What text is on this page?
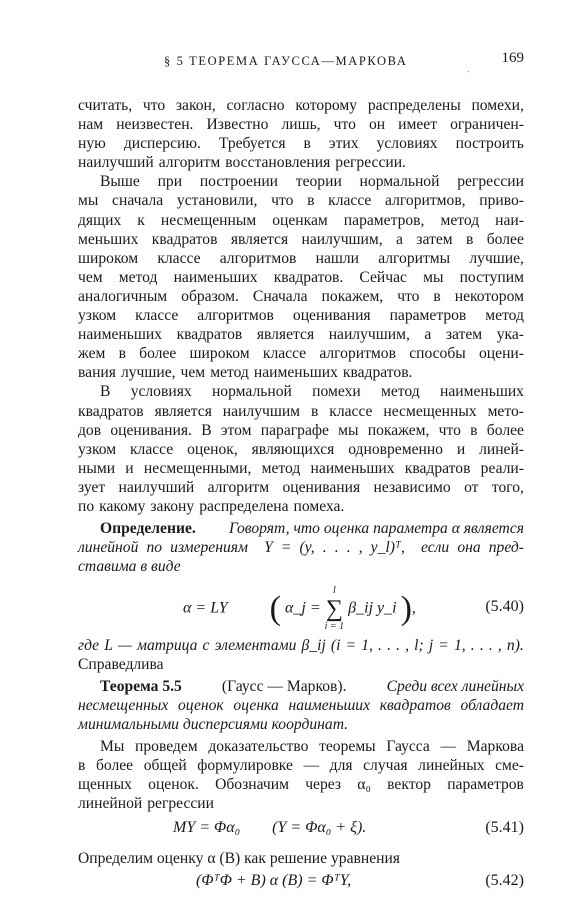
§ 5 ТЕОРЕМА ГАУССА—МАРКОВА	ˏ
169
считать, что закон, согласно которому распределены помехи,
нам неизвестен. Известно лишь, что он имеет ограничен-
ную дисперсию. Требуется в этих условиях построить
наилучший алгоритм восстановления регрессии.
Выше при построении теории нормальной регрессии
мы сначала установили, что в классе алгоритмов, приво-
дящих к несмещенным оценкам параметров, метод наи-
меньших квадратов является наилучшим, а затем в более
широком классе алгоритмов нашли алгоритмы лучшие,
чем метод наименьших квадратов. Сейчас мы поступим
аналогичным образом. Сначала покажем, что в некотором
узком классе алгоритмов оценивания параметров метод
наименьших квадратов является наилучшим, а затем ука-
жем в более широком классе алгоритмов способы оцени-
вания лучшие, чем метод наименьших квадратов.
В условиях нормальной помехи метод наименьших
квадратов является наилучшим в классе несмещенных мето-
дов оценивания. В этом параграфе мы покажем, что в более
узком классе оценок, являющихся одновременно и линей-
ными и несмещенными, метод наименьших квадратов реали-
зует наилучший алгоритм оценивания независимо от того,
по какому закону распределена помеха.
Определение. Говорят, что оценка параметра α является
линейной по измерениям Y = (y, . . . , y_l)ᵀ, если она пред-
ставима в виде
α = LY ( α_j =
l
∑
i = 1
β_ij y_i ),	(5.40)
где L — матрица с элементами β_ij (i = 1, . . . , l; j = 1, . . . , n).
Справедлива
Теорема 5.5	(Гаусс — Марков).	Среди всех линейных
несмещенных оценок оценка наименьших квадратов обладает
минимальными дисперсиями координат.
Мы проведем доказательство теоремы Гаусса — Маркова
в более общей формулировке — для случая линейных сме-
щенных оценок. Обозначим через α₀ вектор параметров
линейной регрессии
MY = Φα₀        (Y = Φα₀ + ξ).	(5.41)
Определим оценку α (B) как решение уравнения
(ΦᵀΦ + B) α (B) = ΦᵀY,	(5.42)
